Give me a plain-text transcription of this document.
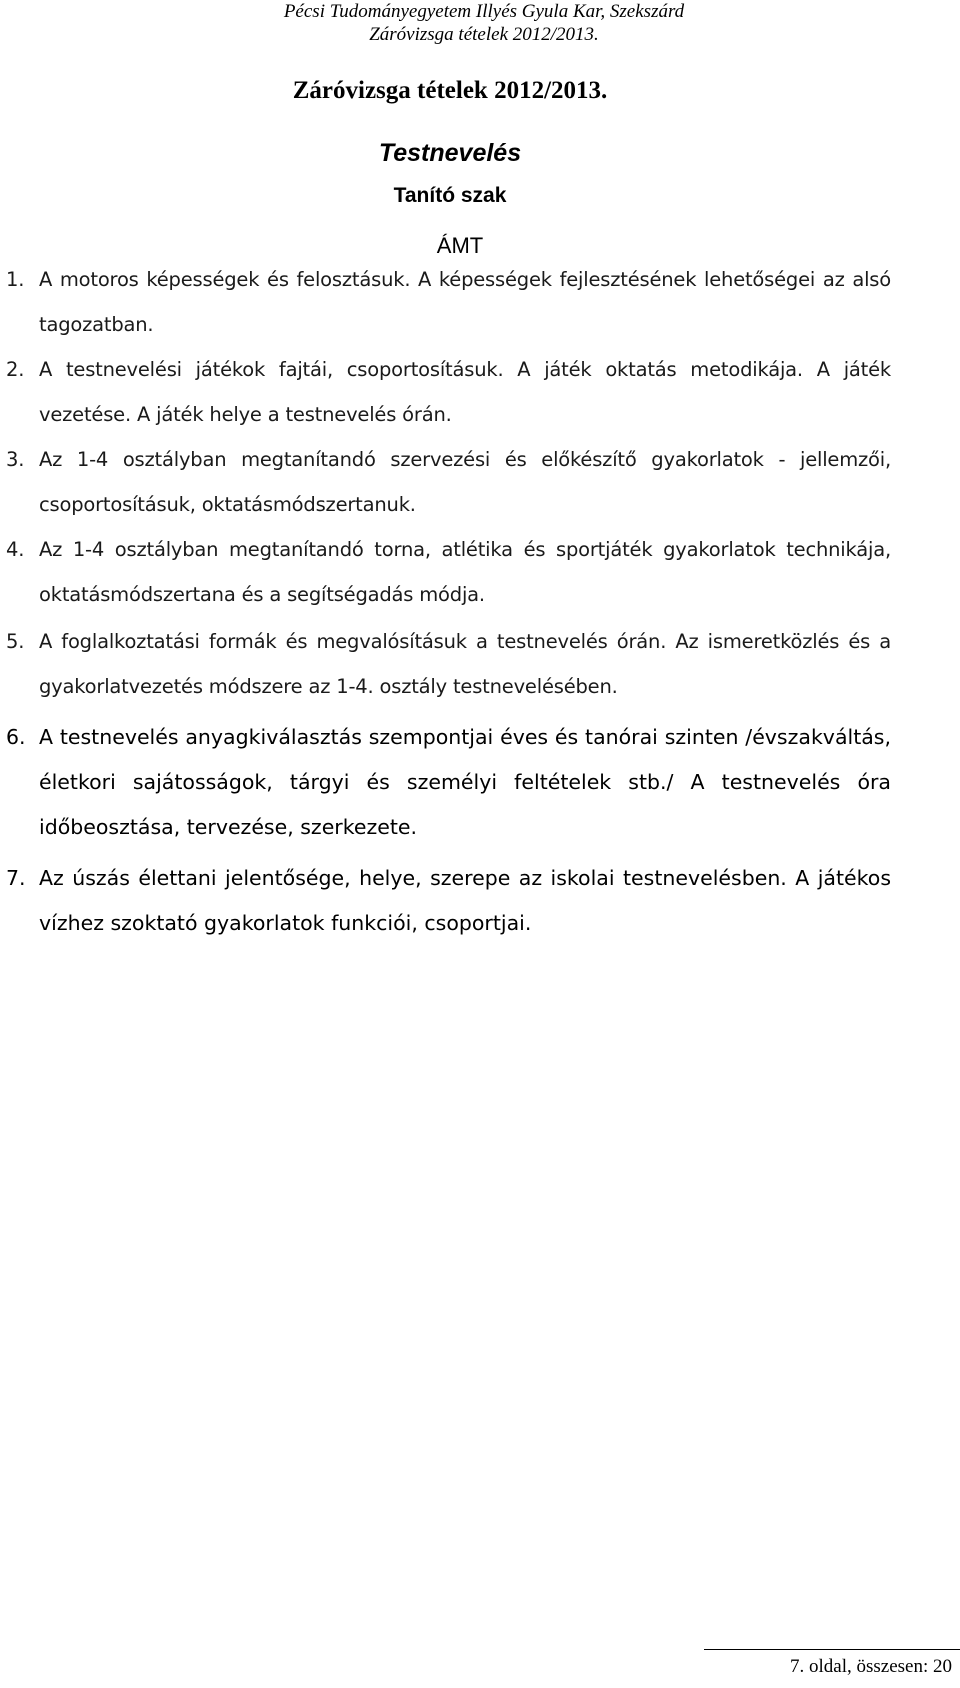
Pécsi Tudományegyetem Illyés Gyula Kar, Szekszárd
Záróvizsga tételek 2012/2013.
Záróvizsga tételek 2012/2013.
Testnevelés
Tanító szak
ÁMT
1. A motoros képességek és felosztásuk. A képességek fejlesztésének lehetőségei az alsó tagozatban.
2. A testnevelési játékok fajtái, csoportosításuk. A játék oktatás metodikája. A játék vezetése. A játék helye a testnevelés órán.
3. Az 1-4 osztályban megtanítandó szervezési és előkészítő gyakorlatok - jellemzői, csoportosításuk, oktatásmódszertanuk.
4. Az 1-4 osztályban megtanítandó torna, atlétika és sportjáték gyakorlatok technikája, oktatásmódszertana és a segítségadás módja.
5. A foglalkoztatási formák és megvalósításuk a testnevelés órán. Az ismeretközlés és a gyakorlatvezetés módszere az 1-4. osztály testnevelésében.
6. A testnevelés anyagkiválasztás szempontjai éves és tanórai szinten /évszakváltás, életkori sajátosságok, tárgyi és személyi feltételek stb./ A testnevelés óra időbeosztása, tervezése, szerkezete.
7. Az úszás élettani jelentősége, helye, szerepe az iskolai testnevelésben. A játékos vízhez szoktató gyakorlatok funkciói, csoportjai.
7. oldal, összesen: 20
